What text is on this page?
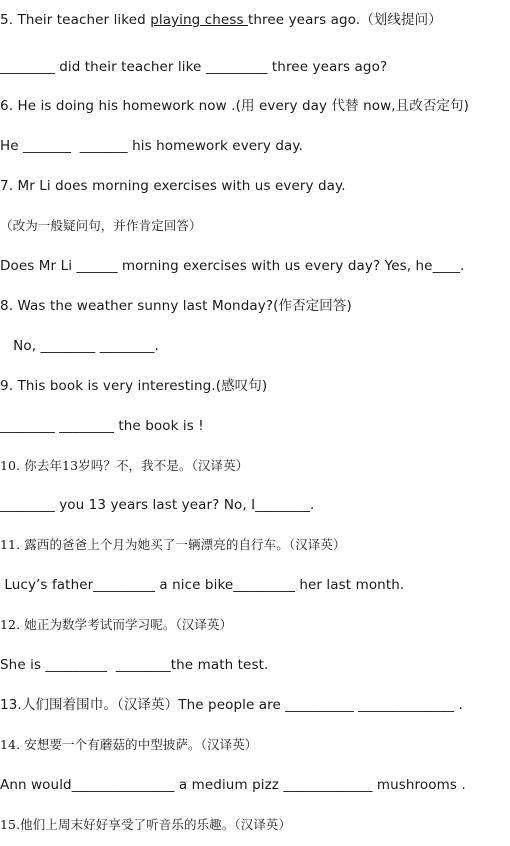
5. Their teacher liked playing chess three years ago.（划线提问）
________ did their teacher like _________ three years ago?
6. He is doing his homework now .(用 every day 代替 now,且改否定句)
He _______  _______ his homework every day.
7. Mr Li does morning exercises with us every day.
（改为一般疑问句，并作肯定回答）
Does Mr Li ______ morning exercises with us every day? Yes, he____.
8. Was the weather sunny last Monday?(作否定回答)
No, ________ ________.
9. This book is very interesting.(感叹句)
________ ________ the book is !
10. 你去年13岁吗？不，我不是。（汉译英）
________ you 13 years last year? No, I________.
11. 露西的爸爸上个月为她买了一辆漂亮的自行车。（汉译英）
Lucy’s father_________ a nice bike_________ her last month.
12. 她正为数学考试而学习呢。（汉译英）
She is _________  ________the math test.
13.人们围着围巾。（汉译英）The people are __________ ______________ .
14. 安想要一个有蘑菇的中型披萨。（汉译英）
Ann would_______________ a medium pizz _____________ mushrooms .
15.他们上周末好好享受了听音乐的乐趣。（汉译英）
